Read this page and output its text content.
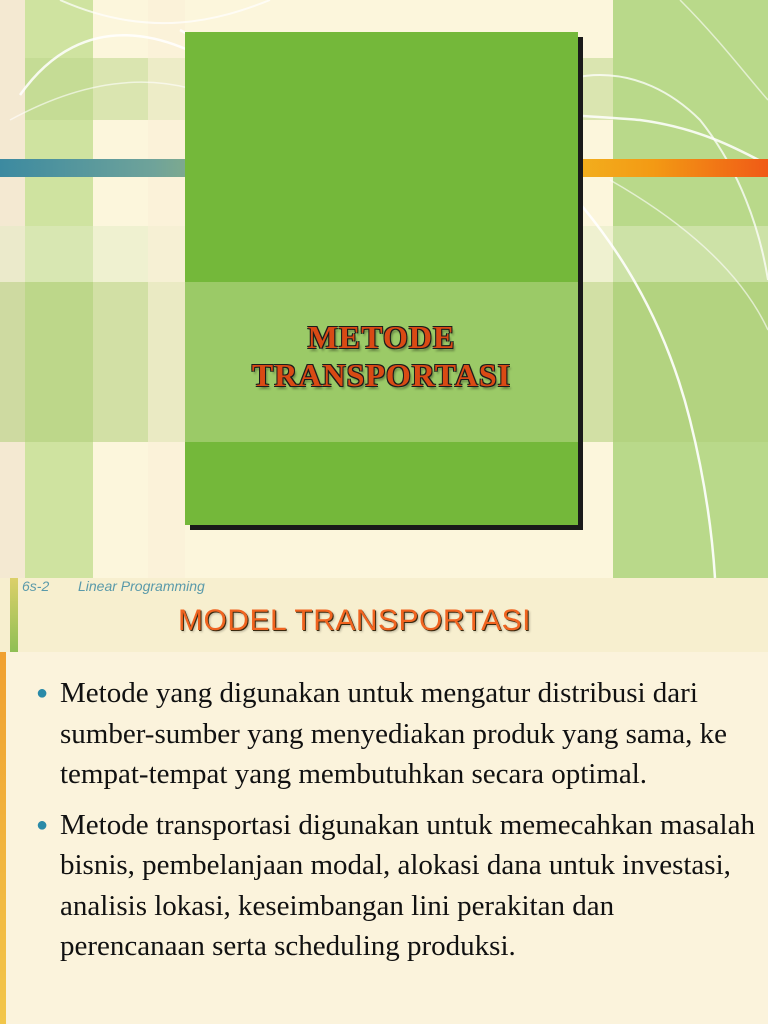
METODE
TRANSPORTASI
6s-2 Linear Programming
MODEL TRANSPORTASI
● Metode yang digunakan untuk mengatur distribusi dari sumber-sumber yang menyediakan produk yang sama, ke tempat-tempat yang membutuhkan secara optimal.
● Metode transportasi digunakan untuk memecahkan masalah bisnis, pembelanjaan modal, alokasi dana untuk investasi, analisis lokasi, keseimbangan lini perakitan dan perencanaan serta scheduling produksi.
